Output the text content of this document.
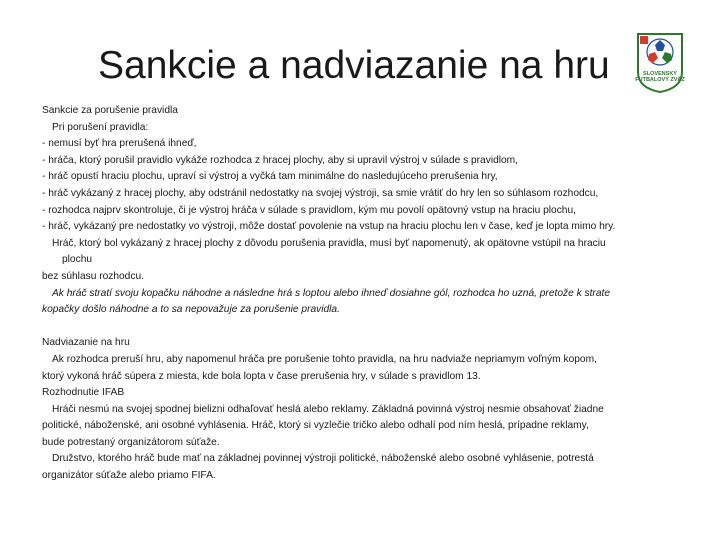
Sankcie a nadviazanie na hru	SLOVENSKÝ FUTBALOVÝ ZVÄZ
Sankcie za porušenie pravidla
Pri porušení pravidla:
- nemusí byť hra prerušená ihneď,
- hráča, ktorý porušil pravidlo vykáže rozhodca z hracej plochy, aby si upravil výstroj v súlade s pravidlom,
- hráč opustí hraciu plochu, upraví si výstroj a vyčká tam minimálne do nasledujúceho prerušenia hry,
- hráč vykázaný z hracej plochy, aby odstránil nedostatky na svojej výstroji, sa smie vrátiť do hry len so súhlasom rozhodcu,
- rozhodca najprv skontroluje, či je výstroj hráča v súlade s pravidlom, kým mu povolí opätovný vstup na hraciu plochu,
- hráč, vykázaný pre nedostatky vo výstroji, môže dostať povolenie na vstup na hraciu plochu len v čase, keď je lopta mimo hry.
Hráč, ktorý bol vykázaný z hracej plochy z dôvodu porušenia pravidla, musí byť napomenutý, ak opätovne vstúpil na hraciu
plochu
bez súhlasu rozhodcu.
Ak hráč stratí svoju kopačku náhodne a následne hrá s loptou alebo ihneď dosiahne gól, rozhodca ho uzná, pretože k strate
kopačky došlo náhodne a to sa nepovažuje za porušenie pravidla.
Nadviazanie na hru
Ak rozhodca preruší hru, aby napomenul hráča pre porušenie tohto pravidla, na hru nadviaže nepriamym voľným kopom,
ktorý vykoná hráč súpera z miesta, kde bola lopta v čase prerušenia hry, v súlade s pravidlom 13.
Rozhodnutie IFAB
Hráči nesmú na svojej spodnej bielizni odhaľovať heslá alebo reklamy. Základná povinná výstroj nesmie obsahovať žiadne
politické, náboženské, ani osobné vyhlásenia. Hráč, ktorý si vyzlečie tričko alebo odhalí pod ním heslá, prípadne reklamy,
bude potrestaný organizátorom súťaže.
Družstvo, ktorého hráč bude mať na základnej povinnej výstroji politické, náboženské alebo osobné vyhlásenie, potrestá
organizátor súťaže alebo priamo FIFA.
